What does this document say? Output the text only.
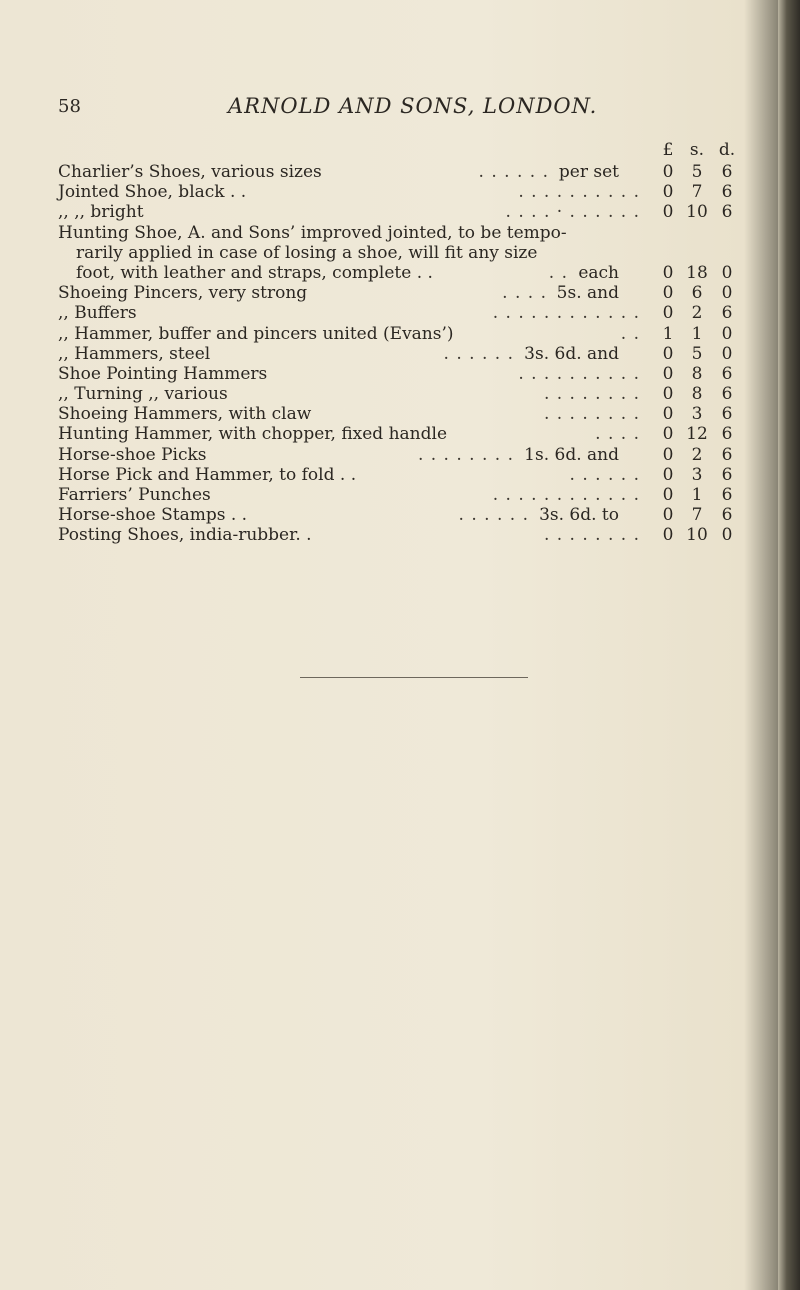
58	ARNOLD AND SONS, LONDON.
£ s. d.
Charlier’s Shoes, various sizes	. . . . . . per set	0	5	6
Jointed Shoe, black . .	. . . . . . . . . .	0	7	6
,, ,, bright	. . . . · . . . . . .	0 10 6
Hunting Shoe, A. and Sons’ improved jointed, to be tempo-
rarily applied in case of losing a shoe, will fit any size
foot, with leather and straps, complete . .	. . each	0 18 0
Shoeing Pincers, very strong	. . . . 5s. and	0	6	0
,, Buffers	. . . . . . . . . . . .	0	2	6
,, Hammer, buffer and pincers united (Evans’)	. .	1	1	0
,, Hammers, steel	. . . . . . 3s. 6d. and	0	5	0
Shoe Pointing Hammers	. . . . . . . . . .	0	8	6
,, Turning ,, various	. . . . . . . .	0	8	6
Shoeing Hammers, with claw	. . . . . . . .	0	3	6
Hunting Hammer, with chopper, fixed handle	. . . .	0 12 6
Horse-shoe Picks	. . . . . . . . 1s. 6d. and	0	2	6
Horse Pick and Hammer, to fold . .	. . . . . .	0	3	6
Farriers’ Punches	. . . . . . . . . . . .	0	1	6
Horse-shoe Stamps . .	. . . . . . 3s. 6d. to	0	7	6
Posting Shoes, india-rubber. .	. . . . . . . .	0 10 0
